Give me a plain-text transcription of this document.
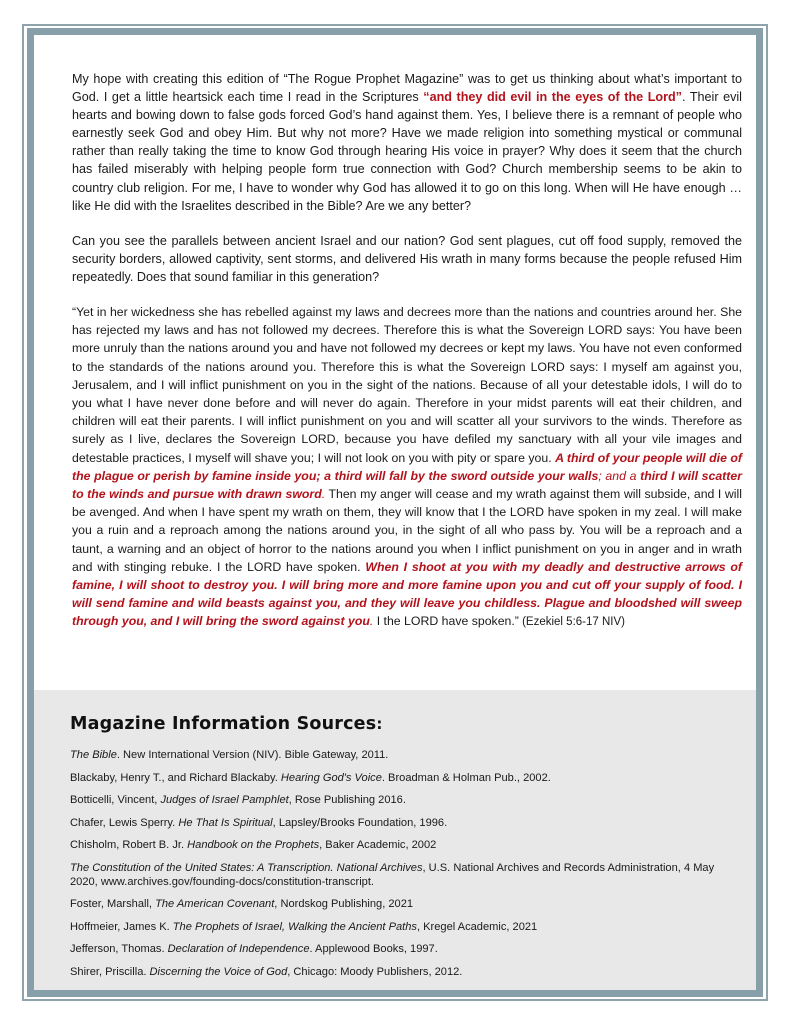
My hope with creating this edition of “The Rogue Prophet Magazine” was to get us thinking about what’s important to God. I get a little heartsick each time I read in the Scriptures “and they did evil in the eyes of the Lord”. Their evil hearts and bowing down to false gods forced God’s hand against them. Yes, I believe there is a remnant of people who earnestly seek God and obey Him. But why not more? Have we made religion into something mystical or communal rather than really taking the time to know God through hearing His voice in prayer? Why does it seem that the church has failed miserably with helping people form true connection with God? Church membership seems to be akin to country club religion. For me, I have to wonder why God has allowed it to go on this long. When will He have enough … like He did with the Israelites described in the Bible? Are we any better?

Can you see the parallels between ancient Israel and our nation? God sent plagues, cut off food supply, removed the security borders, allowed captivity, sent storms, and delivered His wrath in many forms because the people refused Him repeatedly. Does that sound familiar in this generation?

“Yet in her wickedness she has rebelled against my laws and decrees more than the nations and countries around her. She has rejected my laws and has not followed my decrees. Therefore this is what the Sovereign LORD says: You have been more unruly than the nations around you and have not followed my decrees or kept my laws. You have not even conformed to the standards of the nations around you. Therefore this is what the Sovereign LORD says: I myself am against you, Jerusalem, and I will inflict punishment on you in the sight of the nations. Because of all your detestable idols, I will do to you what I have never done before and will never do again. Therefore in your midst parents will eat their children, and children will eat their parents. I will inflict punishment on you and will scatter all your survivors to the winds. Therefore as surely as I live, declares the Sovereign LORD, because you have defiled my sanctuary with all your vile images and detestable practices, I myself will shave you; I will not look on you with pity or spare you. A third of your people will die of the plague or perish by famine inside you; a third will fall by the sword outside your walls; and a third I will scatter to the winds and pursue with drawn sword. Then my anger will cease and my wrath against them will subside, and I will be avenged. And when I have spent my wrath on them, they will know that I the LORD have spoken in my zeal. I will make you a ruin and a reproach among the nations around you, in the sight of all who pass by. You will be a reproach and a taunt, a warning and an object of horror to the nations around you when I inflict punishment on you in anger and in wrath and with stinging rebuke. I the LORD have spoken. When I shoot at you with my deadly and destructive arrows of famine, I will shoot to destroy you. I will bring more and more famine upon you and cut off your supply of food. I will send famine and wild beasts against you, and they will leave you childless. Plague and bloodshed will sweep through you, and I will bring the sword against you. I the LORD have spoken.” (Ezekiel 5:6-17 NIV)

Magazine Information Sources:
The Bible. New International Version (NIV). Bible Gateway, 2011.
Blackaby, Henry T., and Richard Blackaby. Hearing God's Voice. Broadman & Holman Pub., 2002.
Botticelli, Vincent, Judges of Israel Pamphlet, Rose Publishing 2016.
Chafer, Lewis Sperry. He That Is Spiritual, Lapsley/Brooks Foundation, 1996.
Chisholm, Robert B. Jr. Handbook on the Prophets, Baker Academic, 2002
The Constitution of the United States: A Transcription. National Archives, U.S. National Archives and Records Administration, 4 May 2020, www.archives.gov/founding-docs/constitution-transcript.
Foster, Marshall, The American Covenant, Nordskog Publishing, 2021
Hoffmeier, James K. The Prophets of Israel, Walking the Ancient Paths, Kregel Academic, 2021
Jefferson, Thomas. Declaration of Independence. Applewood Books, 1997.
Shirer, Priscilla. Discerning the Voice of God, Chicago: Moody Publishers, 2012.
